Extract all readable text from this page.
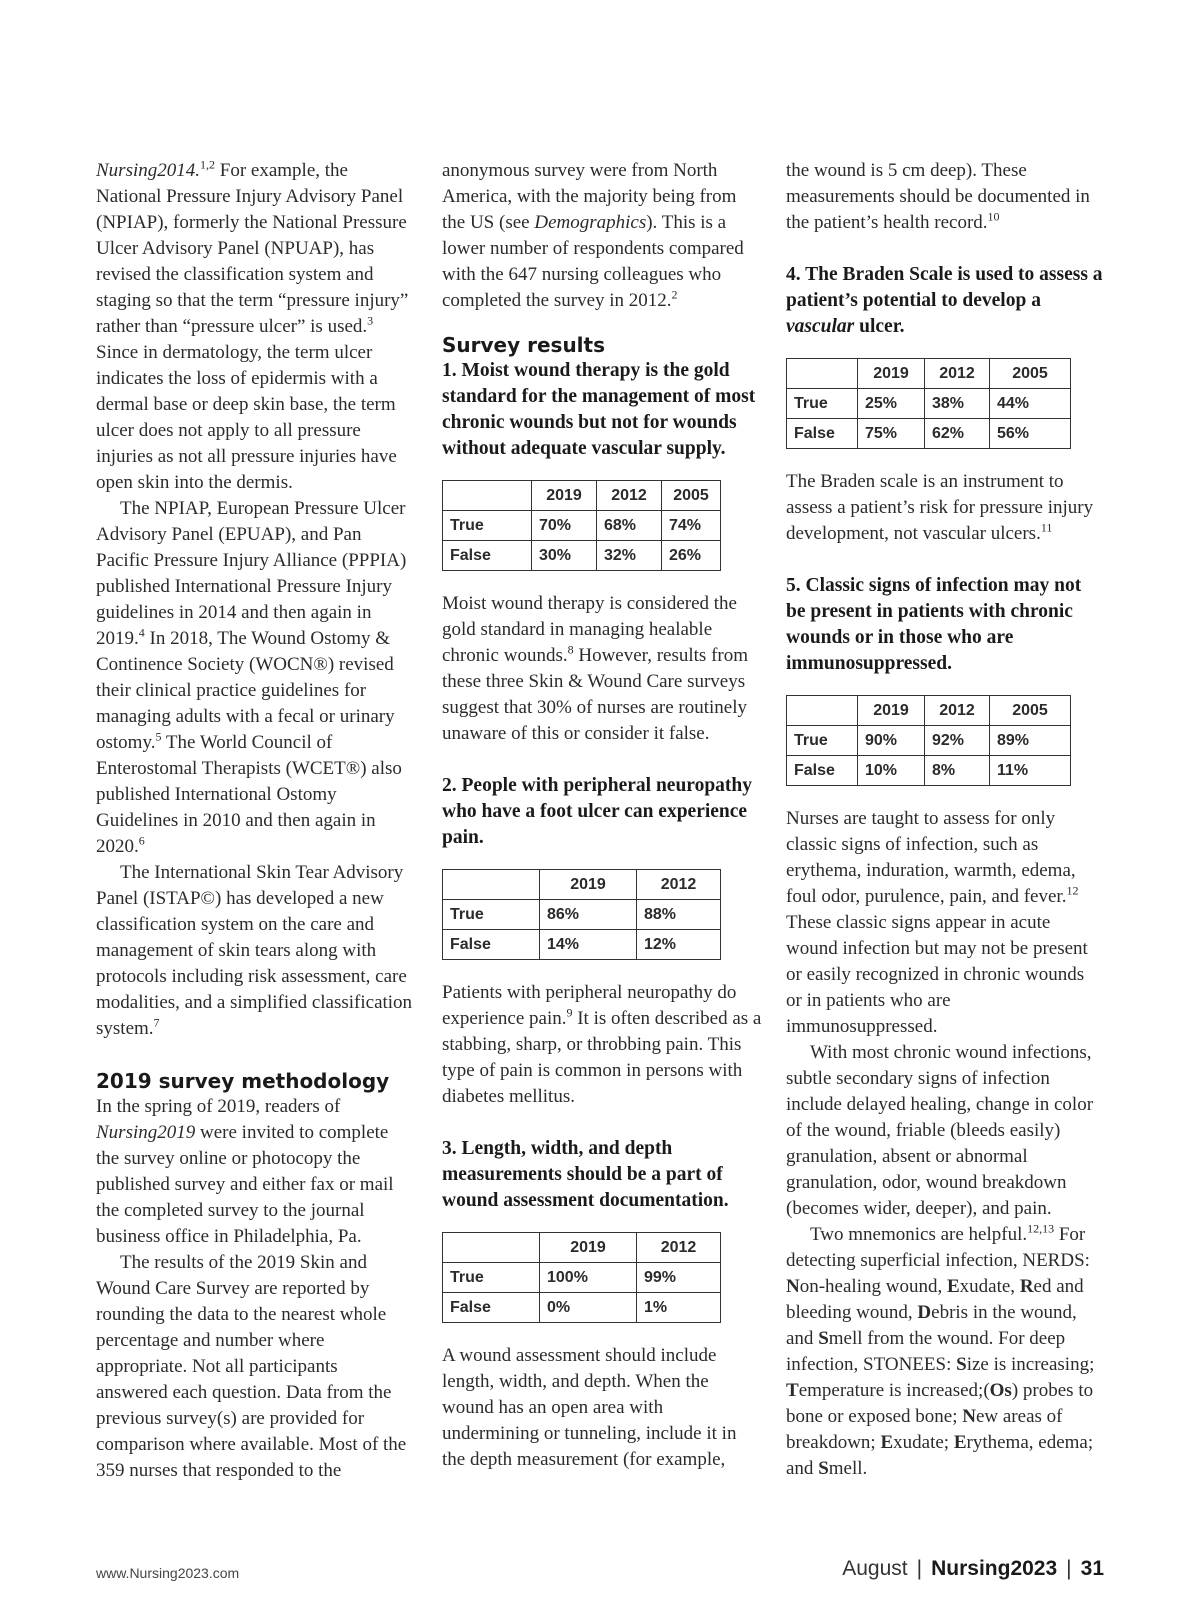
Nursing2014.$^{1,2}$ For example, the National Pressure Injury Advisory Panel (NPIAP), formerly the National Pressure Ulcer Advisory Panel (NPUAP), has revised the classification system and staging so that the term “pressure injury” rather than “pressure ulcer” is used.$^3$ Since in dermatology, the term ulcer indicates the loss of epidermis with a dermal base or deep skin base, the term ulcer does not apply to all pressure injuries as not all pressure injuries have open skin into the dermis.

The NPIAP, European Pressure Ulcer Advisory Panel (EPUAP), and Pan Pacific Pressure Injury Alliance (PPPIA) published International Pressure Injury guidelines in 2014 and then again in 2019.$^4$ In 2018, The Wound Ostomy & Continence Society (WOCN®) revised their clinical practice guidelines for managing adults with a fecal or urinary ostomy.$^5$ The World Council of Enterostomal Therapists (WCET®) also published International Ostomy Guidelines in 2010 and then again in 2020.$^6$

The International Skin Tear Advisory Panel (ISTAP©) has developed a new classification system on the care and management of skin tears along with protocols including risk assessment, care modalities, and a simplified classification system.$^7$

2019 survey methodology

In the spring of 2019, readers of Nursing2019 were invited to complete the survey online or photocopy the published survey and either fax or mail the completed survey to the journal business office in Philadelphia, Pa.

The results of the 2019 Skin and Wound Care Survey are reported by rounding the data to the nearest whole percentage and number where appropriate. Not all participants answered each question. Data from the previous survey(s) are provided for comparison where available. Most of the 359 nurses that responded to the

anonymous survey were from North America, with the majority being from the US (see Demographics). This is a lower number of respondents compared with the 647 nursing colleagues who completed the survey in 2012.$^2$

Survey results

1. Moist wound therapy is the gold standard for the management of most chronic wounds but not for wounds without adequate vascular supply.

	2019	2012	2005
True	70%	68%	74%
False	30%	32%	26%

Moist wound therapy is considered the gold standard in managing healable chronic wounds.$^8$ However, results from these three Skin & Wound Care surveys suggest that 30% of nurses are routinely unaware of this or consider it false.

2. People with peripheral neuropathy who have a foot ulcer can experience pain.

	2019	2012
True	86%	88%
False	14%	12%

Patients with peripheral neuropathy do experience pain.$^9$ It is often described as a stabbing, sharp, or throbbing pain. This type of pain is common in persons with diabetes mellitus.

3. Length, width, and depth measurements should be a part of wound assessment documentation.

	2019	2012
True	100%	99%
False	0%	1%

A wound assessment should include length, width, and depth. When the wound has an open area with undermining or tunneling, include it in the depth measurement (for example,

the wound is 5 cm deep). These measurements should be documented in the patient’s health record.$^{10}$

4. The Braden Scale is used to assess a patient’s potential to develop a vascular ulcer.

	2019	2012	2005
True	25%	38%	44%
False	75%	62%	56%

The Braden scale is an instrument to assess a patient’s risk for pressure injury development, not vascular ulcers.$^{11}$

5. Classic signs of infection may not be present in patients with chronic wounds or in those who are immunosuppressed.

	2019	2012	2005
True	90%	92%	89%
False	10%	8%	11%

Nurses are taught to assess for only classic signs of infection, such as erythema, induration, warmth, edema, foul odor, purulence, pain, and fever.$^{12}$ These classic signs appear in acute wound infection but may not be present or easily recognized in chronic wounds or in patients who are immunosuppressed.

With most chronic wound infections, subtle secondary signs of infection include delayed healing, change in color of the wound, friable (bleeds easily) granulation, absent or abnormal granulation, odor, wound breakdown (becomes wider, deeper), and pain.

Two mnemonics are helpful.$^{12,13}$ For detecting superficial infection, NERDS: Non-healing wound, Exudate, Red and bleeding wound, Debris in the wound, and Smell from the wound. For deep infection, STONEES: Size is increasing; Temperature is increased;(Os) probes to bone or exposed bone; New areas of breakdown; Exudate; Erythema, edema; and Smell.

www.Nursing2023.com	August | Nursing2023 | 31
